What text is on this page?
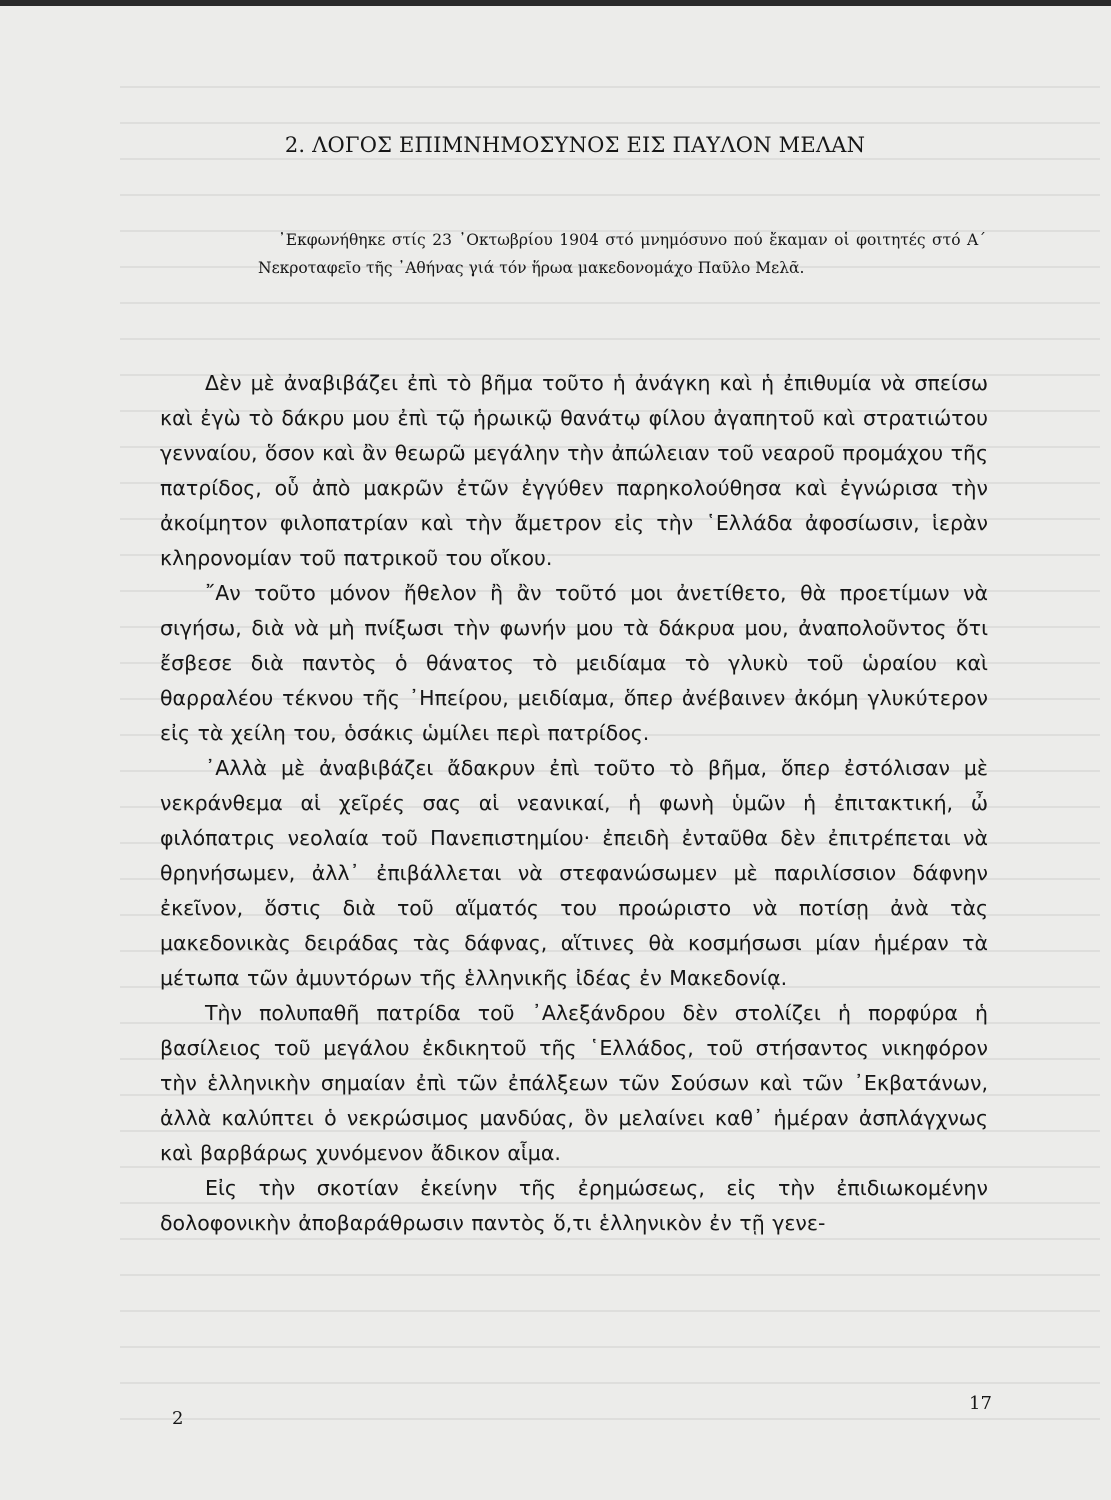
2. ΛΟΓΟΣ ΕΠΙΜΝΗΜΟΣΥΝΟΣ ΕΙΣ ΠΑΥΛΟΝ ΜΕΛΑΝ

᾿Εκφωνήθηκε στίς 23 ᾿Οκτωβρίου 1904 στό μνημόσυνο πού ἔκαμαν οἱ φοιτητές στό Α΄ Νεκροταφεῖο τῆς ᾿Αθήνας γιά τόν ἥρωα μακεδονομάχο Παῦλο Μελᾶ.

Δὲν μὲ ἀναβιβάζει ἐπὶ τὸ βῆμα τοῦτο ἡ ἀνάγκη καὶ ἡ ἐπιθυμία νὰ σπείσω καὶ ἐγὼ τὸ δάκρυ μου ἐπὶ τῷ ἡρωικῷ θανάτῳ φίλου ἀγαπητοῦ καὶ στρατιώτου γενναίου, ὅσον καὶ ἂν θεωρῶ μεγάλην τὴν ἀπώλειαν τοῦ νεαροῦ προμάχου τῆς πατρίδος, οὗ ἀπὸ μακρῶν ἐτῶν ἐγγύθεν παρηκολούθησα καὶ ἐγνώρισα τὴν ἀκοίμητον φιλοπατρίαν καὶ τὴν ἄμετρον εἰς τὴν ῾Ελλάδα ἀφοσίωσιν, ἱερὰν κληρονομίαν τοῦ πατρικοῦ του οἴκου.

῎Αν τοῦτο μόνον ἤθελον ἢ ἂν τοῦτό μοι ἀνετίθετο, θὰ προετίμων νὰ σιγήσω, διὰ νὰ μὴ πνίξωσι τὴν φωνήν μου τὰ δάκρυα μου, ἀναπολοῦντος ὅτι ἔσβεσε διὰ παντὸς ὁ θάνατος τὸ μειδίαμα τὸ γλυκὺ τοῦ ὡραίου καὶ θαρραλέου τέκνου τῆς ᾿Ηπείρου, μειδίαμα, ὅπερ ἀνέβαινεν ἀκόμη γλυκύτερον εἰς τὰ χείλη του, ὁσάκις ὡμίλει περὶ πατρίδος.

᾿Αλλὰ μὲ ἀναβιβάζει ἄδακρυν ἐπὶ τοῦτο τὸ βῆμα, ὅπερ ἐστόλισαν μὲ νεκράνθεμα αἱ χεῖρές σας αἱ νεανικαί, ἡ φωνὴ ὑμῶν ἡ ἐπιτακτική, ὦ φιλόπατρις νεολαία τοῦ Πανεπιστημίου· ἐπειδὴ ἐνταῦθα δὲν ἐπιτρέπεται νὰ θρηνήσωμεν, ἀλλ᾿ ἐπιβάλλεται νὰ στεφανώσωμεν μὲ παριλίσσιον δάφνην ἐκεῖνον, ὅστις διὰ τοῦ αἵματός του προώριστο νὰ ποτίσῃ ἀνὰ τὰς μακεδονικὰς δειράδας τὰς δάφνας, αἵτινες θὰ κοσμήσωσι μίαν ἡμέραν τὰ μέτωπα τῶν ἀμυντόρων τῆς ἑλληνικῆς ἰδέας ἐν Μακεδονίᾳ.

Τὴν πολυπαθῆ πατρίδα τοῦ ᾿Αλεξάνδρου δὲν στολίζει ἡ πορφύρα ἡ βασίλειος τοῦ μεγάλου ἐκδικητοῦ τῆς ῾Ελλάδος, τοῦ στήσαντος νικηφόρον τὴν ἑλληνικὴν σημαίαν ἐπὶ τῶν ἐπάλξεων τῶν Σούσων καὶ τῶν ᾿Εκβατάνων, ἀλλὰ καλύπτει ὁ νεκρώσιμος μανδύας, ὃν μελαίνει καθ᾿ ἡμέραν ἀσπλάγχνως καὶ βαρβάρως χυνόμενον ἄδικον αἷμα.

Εἰς τὴν σκοτίαν ἐκείνην τῆς ἐρημώσεως, εἰς τὴν ἐπιδιωκομένην δολοφονικὴν ἀποβαράθρωσιν παντὸς ὅ,τι ἑλληνικὸν ἐν τῇ γενε-

2

17
